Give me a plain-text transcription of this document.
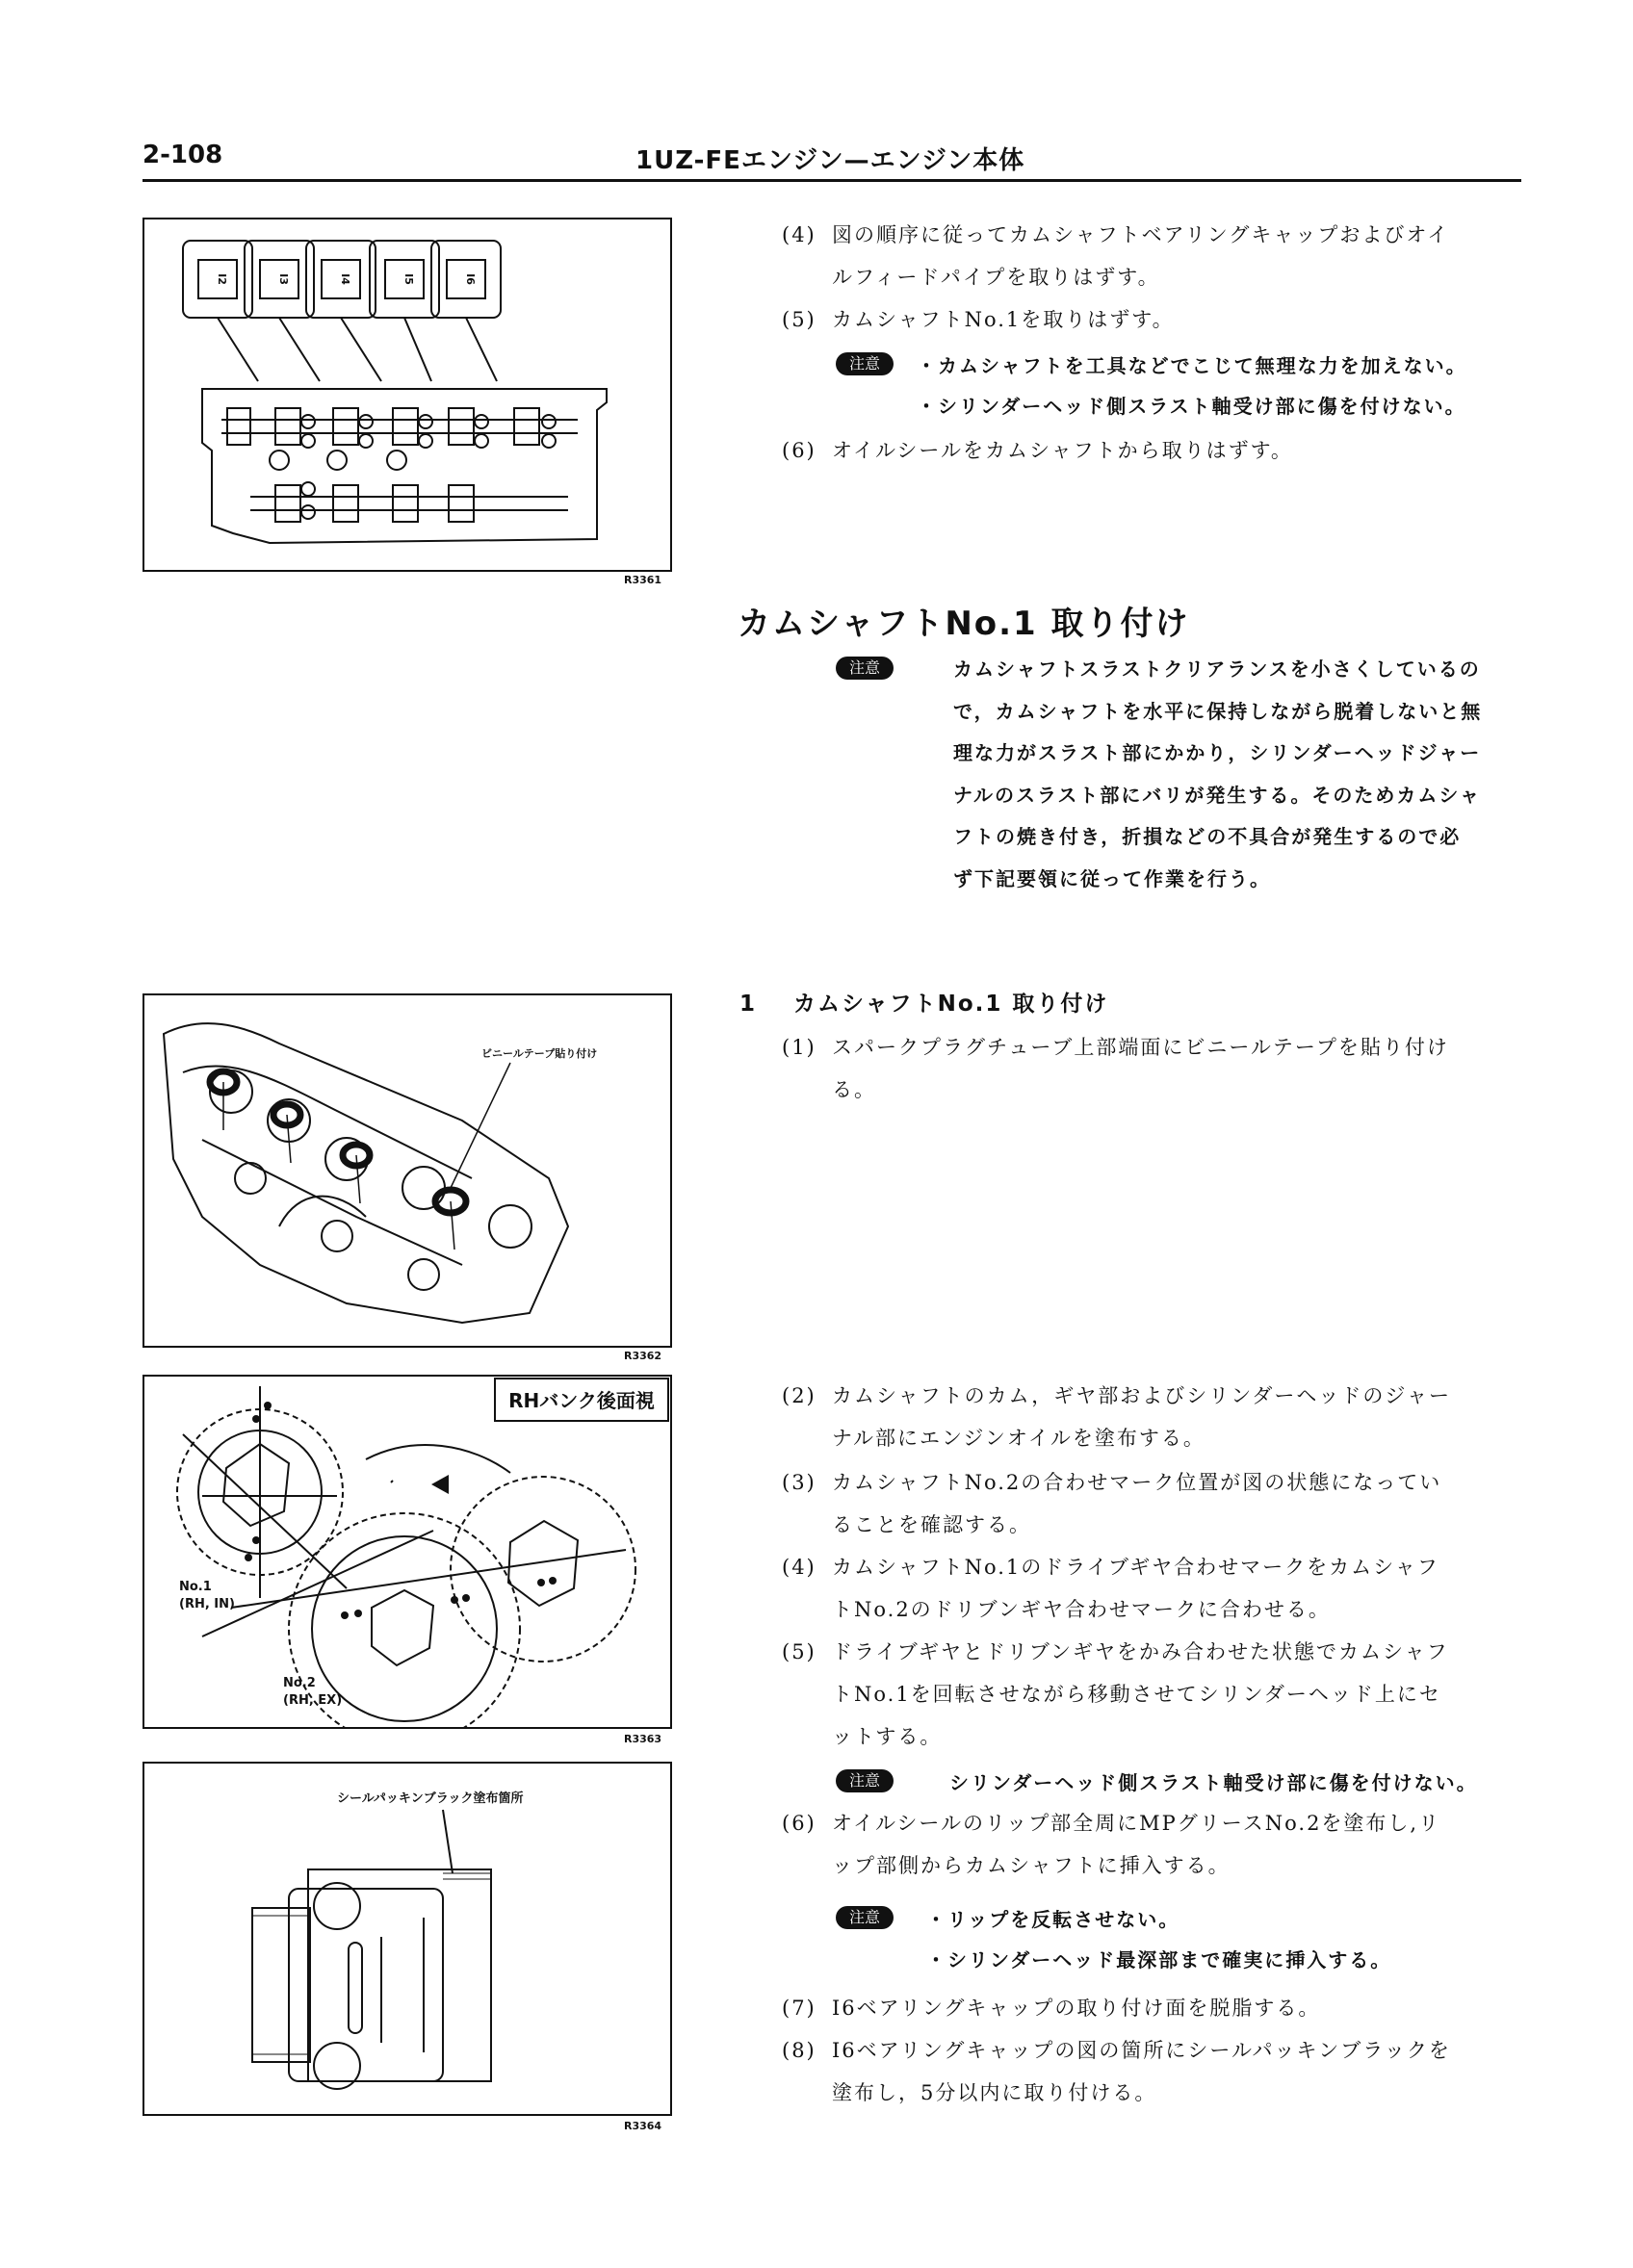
2-108	1UZ-FEエンジン—エンジン本体
I2	I3	I4	I5	I6
R3361
(4) 図の順序に従ってカムシャフトベアリングキャップおよびオイ
ルフィードパイプを取りはずす。
(5) カムシャフトNo.1を取りはずす。
注意	・カムシャフトを工具などでこじて無理な力を加えない。
・シリンダーヘッド側スラスト軸受け部に傷を付けない。
(6) オイルシールをカムシャフトから取りはずす。
カムシャフトNo.1 取り付け
注意	カムシャフトスラストクリアランスを小さくしているの
で，カムシャフトを水平に保持しながら脱着しないと無
理な力がスラスト部にかかり，シリンダーヘッドジャー
ナルのスラスト部にバリが発生する。そのためカムシャ
フトの焼き付き，折損などの不具合が発生するので必
ず下記要領に従って作業を行う。
1 カムシャフトNo.1 取り付け
ビニールテープ貼り付け
R3362
(1) スパークプラグチューブ上部端面にビニールテープを貼り付け
る。
RHバンク後面視
No.1
(RH, IN)
No.2
(RH, EX)
R3363
(2) カムシャフトのカム，ギヤ部およびシリンダーヘッドのジャー
ナル部にエンジンオイルを塗布する。
(3) カムシャフトNo.2の合わせマーク位置が図の状態になってい
ることを確認する。
(4) カムシャフトNo.1のドライブギヤ合わせマークをカムシャフ
トNo.2のドリブンギヤ合わせマークに合わせる。
(5) ドライブギヤとドリブンギヤをかみ合わせた状態でカムシャフ
トNo.1を回転させながら移動させてシリンダーヘッド上にセ
ットする。
注意	シリンダーヘッド側スラスト軸受け部に傷を付けない。
シールパッキンブラック塗布箇所
R3364
(6) オイルシールのリップ部全周にMPグリースNo.2を塗布し,リ
ップ部側からカムシャフトに挿入する。
注意	・リップを反転させない。
・シリンダーヘッド最深部まで確実に挿入する。
(7) I6ベアリングキャップの取り付け面を脱脂する。
(8) I6ベアリングキャップの図の箇所にシールパッキンブラックを
塗布し，5分以内に取り付ける。
